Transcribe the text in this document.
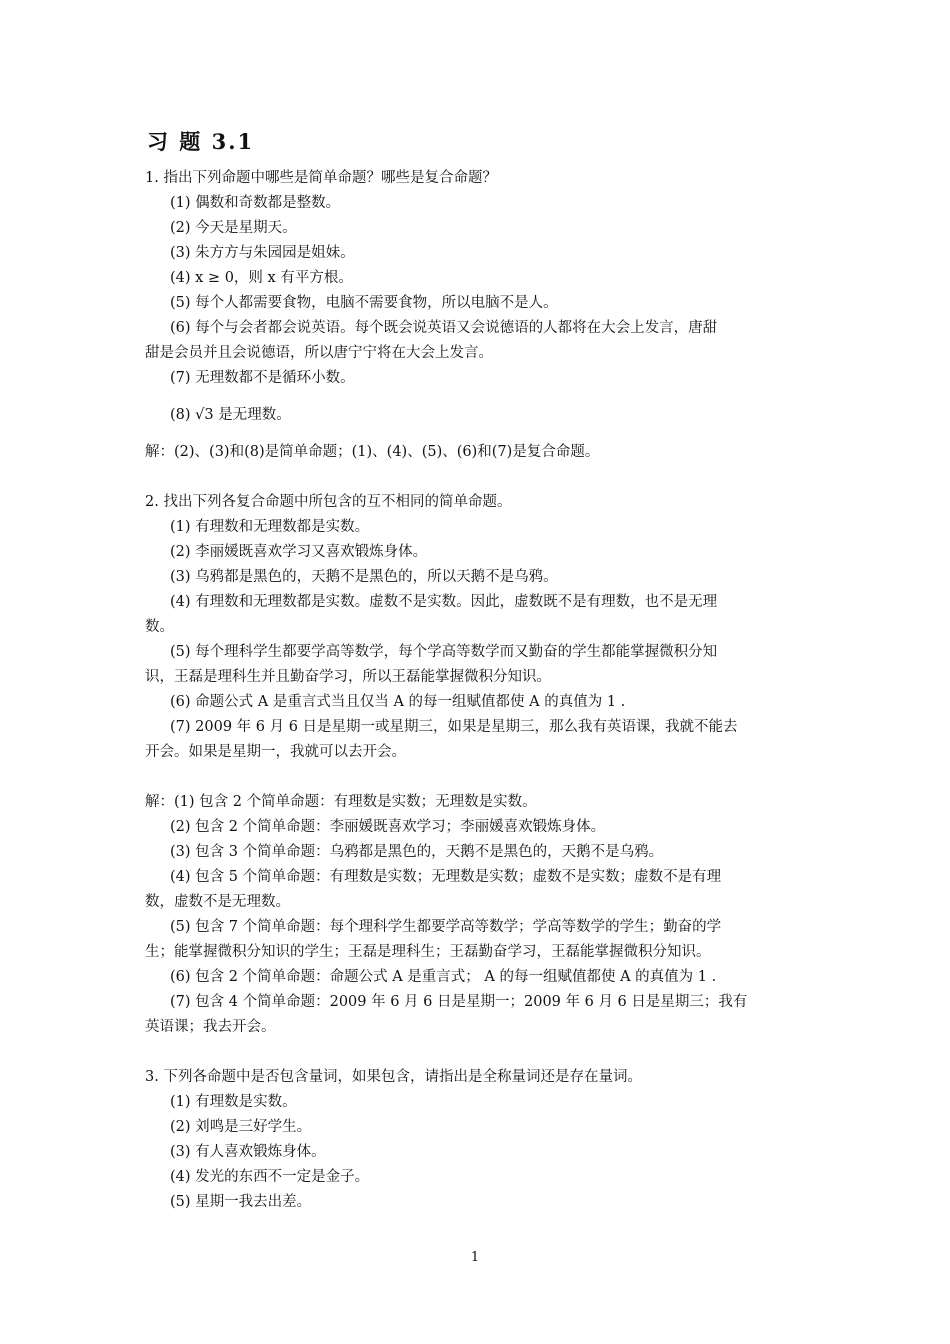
习 题 3.1
1. 指出下列命题中哪些是简单命题？哪些是复合命题？
(1) 偶数和奇数都是整数。
(2) 今天是星期天。
(3) 朱方方与朱园园是姐妹。
(4) x ≥ 0，则 x 有平方根。
(5) 每个人都需要食物，电脑不需要食物，所以电脑不是人。
(6) 每个与会者都会说英语。每个既会说英语又会说德语的人都将在大会上发言，唐甜
甜是会员并且会说德语，所以唐宁宁将在大会上发言。
(7) 无理数都不是循环小数。
(8) √3 是无理数。
解：(2)、(3)和(8)是简单命题；(1)、(4)、(5)、(6)和(7)是复合命题。
2. 找出下列各复合命题中所包含的互不相同的简单命题。
(1) 有理数和无理数都是实数。
(2) 李丽媛既喜欢学习又喜欢锻炼身体。
(3) 乌鸦都是黑色的，天鹅不是黑色的，所以天鹅不是乌鸦。
(4) 有理数和无理数都是实数。虚数不是实数。因此，虚数既不是有理数，也不是无理
数。
(5) 每个理科学生都要学高等数学，每个学高等数学而又勤奋的学生都能掌握微积分知
识，王磊是理科生并且勤奋学习，所以王磊能掌握微积分知识。
(6) 命题公式 A 是重言式当且仅当 A 的每一组赋值都使 A 的真值为 1 .
(7) 2009 年 6 月 6 日是星期一或星期三，如果是星期三，那么我有英语课，我就不能去
开会。如果是星期一，我就可以去开会。
解：(1) 包含 2 个简单命题：有理数是实数；无理数是实数。
(2) 包含 2 个简单命题：李丽媛既喜欢学习；李丽媛喜欢锻炼身体。
(3) 包含 3 个简单命题：乌鸦都是黑色的，天鹅不是黑色的，天鹅不是乌鸦。
(4) 包含 5 个简单命题：有理数是实数；无理数是实数；虚数不是实数；虚数不是有理
数，虚数不是无理数。
(5) 包含 7 个简单命题：每个理科学生都要学高等数学；学高等数学的学生；勤奋的学
生；能掌握微积分知识的学生；王磊是理科生；王磊勤奋学习，王磊能掌握微积分知识。
(6) 包含 2 个简单命题：命题公式 A 是重言式； A 的每一组赋值都使 A 的真值为 1 .
(7) 包含 4 个简单命题：2009 年 6 月 6 日是星期一；2009 年 6 月 6 日是星期三；我有
英语课；我去开会。
3. 下列各命题中是否包含量词，如果包含，请指出是全称量词还是存在量词。
(1) 有理数是实数。
(2) 刘鸣是三好学生。
(3) 有人喜欢锻炼身体。
(4) 发光的东西不一定是金子。
(5) 星期一我去出差。
1
